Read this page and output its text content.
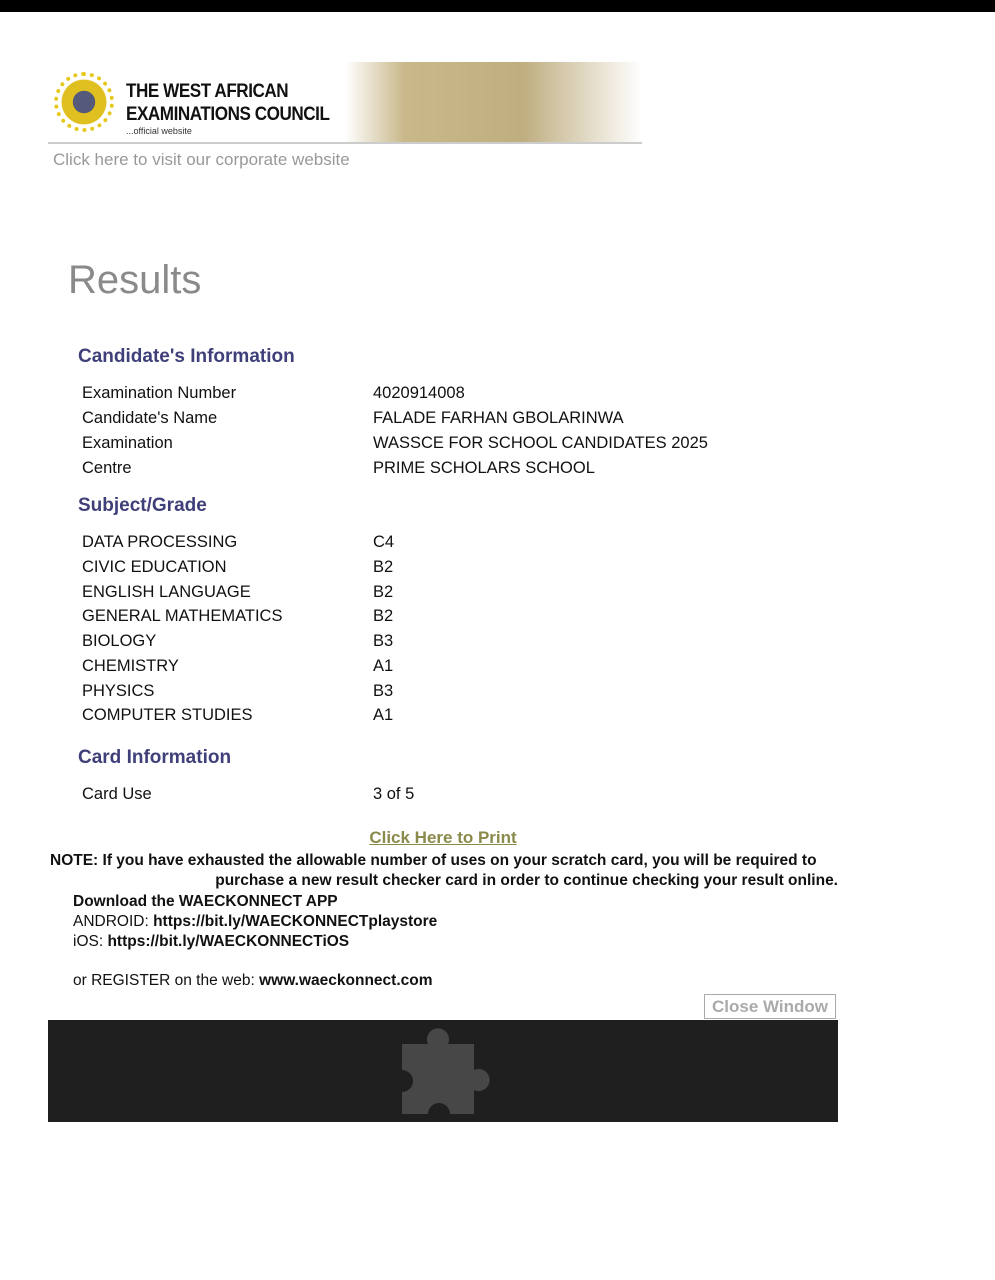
THE WEST AFRICAN
EXAMINATIONS COUNCIL
...official website
Click here to visit our corporate website
Results
Candidate's Information
Examination Number	4020914008
Candidate's Name	FALADE FARHAN GBOLARINWA
Examination	WASSCE FOR SCHOOL CANDIDATES 2025
Centre	PRIME SCHOLARS SCHOOL
Subject/Grade
DATA PROCESSING	C4
CIVIC EDUCATION	B2
ENGLISH LANGUAGE	B2
GENERAL MATHEMATICS	B2
BIOLOGY	B3
CHEMISTRY	A1
PHYSICS	B3
COMPUTER STUDIES	A1
Card Information
Card Use	3 of 5
Click Here to Print
NOTE: If you have exhausted the allowable number of uses on your scratch card, you will be required to
purchase a new result checker card in order to continue checking your result online.
Download the WAECKONNECT APP
ANDROID: https://bit.ly/WAECKONNECTplaystore
iOS: https://bit.ly/WAECKONNECTiOS
or REGISTER on the web: www.waeckonnect.com
Close Window
